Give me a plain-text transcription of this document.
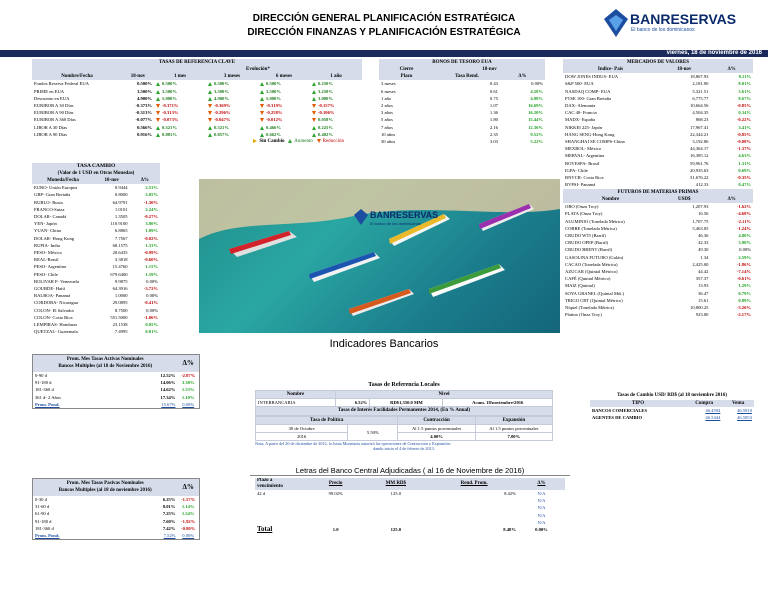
DIRECCIÓN GENERAL PLANIFICACIÓN ESTRATÉGICA
DIRECCIÓN FINANZAS Y PLANIFICACIÓN ESTRATÉGICA
BANRESERVAS
El banco de los dominicanos
viernes, 18 de noviembre de 2016
TASAS DE REFERENCIA CLAVE
		Evolución*			
Nombre/Fecha	18-nov	1 mes	3 meses	6 meses	1 año
Fondos Reserva Federal EUA	0.500%	0.500%	0.500%	0.500%	0.250%
PRIME en EUA	3.500%	3.500%	3.500%	3.500%	3.250%
Descuento en EUA	4.900%	5.000%	4.900%	5.000%	3.000%
EURIBOR A 30 Días	-0.373%	-0.371%	-0.369%	-0.319%	-0.157%
EURIBOR A 90 Días	-0.313%	-0.313%	-0.296%	-0.258%	-0.106%
EURIBOR A 360 Días	-0.077%	-0.073%	-0.047%	-0.012%	0.058%
LIBOR A 30 Días	0.566%	0.521%	0.521%	0.466%	0.225%
LIBOR A 90 Días	0.916%	0.881%	0.857%	0.662%	0.402%
Sin Cambio Aumento Reducción
BONOS DE TESORO EUA
Cierre	18-nov	
Plazo	Tasa Rend.	Δ%
3 meses	0.43	0.00%
6 meses	0.61	4.58%
1 año	0.75	4.98%
2 años	1.07	16.69%
3 años	1.36	16.20%
5 años	1.80	15.44%
7 años	2.16	12.36%
10 años	2.35	9.52%
30 años	3.03	5.22%
MERCADOS DE VALORES
Índice- País	18-nov	Δ%
DOW JONES INDUS- EUA	18,867.93	8.11%
S&P 500- EUA	2,181.90	8.01%
NASDAQ COMP- EUA	5,321.51	5.61%
FTSE 100- Gran Bretaña	6,775.77	8.67%
DAX- Alemania	10,664.56	-0.85%
CAC 40- Francia	4,504.35	0.34%
MADX- España	868.23	-0.22%
NIKKEI 225- Japón	17,967.41	3.41%
HANG SENG-Hong Kong	22,344.21	-0.85%
SHANGHAI SE COMPS-China	3,192.86	-0.08%
MEXBOL- México	44,364.17	-1.37%
MERVAL- Argentina	16,385.12	4.63%
BOVESPA- Brasil	59,961.76	1.31%
IGPA- Chile	20,935.63	0.69%
BNVCR- Costa Rica	31,676.22	-0.35%
BVPSI- Panamá	412.33	0.47%
TASA CAMBIO
(Valor de 1 USD en Otras Monedas)
Moneda/Fecha	18-nov	Δ%
EURO- Unión Europea	0.9444	2.53%
GBP- Gran Bretaña	0.8000	2.05%
RUBLO- Rusia	64.9791	-1.30%
FRANCO-Suiza	1.0101	2.24%
DOLAR- Canadá	1.3505	-0.27%
YEN- Japón	110.9100	3.90%
YUAN- China	6.8865	1.09%
DOLAR- Hong Kong	7.7567	-0.02%
RUPIA- India	68.1575	1.33%
PESO- México	20.6435	-0.99%
REAL-Brasil	3.3818	-0.60%
PESO- Argentina	15.4760	1.15%
PESO- Chile	679.6400	1.59%
BOLIVAR F- Venezuela	9.9875	0.00%
GOURDE- Haití	64.3916	-3.72%
BALBOA- Panamá	1.0000	0.00%
CORDOBA- Nicaragua	29.0895	-0.41%
COLON- El Salvador	8.7500	0.00%
COLON- Costa Rica	551.5000	-1.06%
LEMPIRAS- Honduras	23.1538	0.05%
QUETZAL- Guatemala	7.4995	0.01%
BANRESERVAS
El banco de los dominicanos
FUTUROS DE MATERIAS PRIMAS
Nombre	USD$	Δ%
ORO (Onza Troy)	1,207.93	-1.62%
PLATA (Onza Troy)	16.56	-4.68%
ALUMINIO (Tonelada Métrica)	1,707.75	-2.11%
COBRE (Tonelada Métrica)	5,463.05	-1.24%
CRUDO WTI (Barril)	46.36	4.80%
CRUDO OPEP (Barril)	42.33	3.90%
CRUDO BRENT (Barril)	49.30	0.00%
GASOLINA FUTURO (Galón)	1.34	2.59%
CACAO (Tonelada Métrica)	2,425.00	-1.86%
AZUCAR (Quintal Métrico)	44.42	-7.14%
CAFÉ (Quintal Métrico)	357.37	-0.61%
MAIZ (Quintal)	13.93	1.29%
SOYA GRANEL (Quintal Mét.)	36.47	0.79%
TRIGO CBT (Quintal Métrico)	15.61	0.89%
Níquel (Tonelada Métrica)	10,800.25	-3.26%
Platino (Onza Troy)	923.00	-2.17%
Indicadores Bancarios
Prom. Mes Tasas Activas Nominales		Δ%
Bancos Multiples (al 18 de Noviembre 2016)		
0-90 d	12.52%	-2.87%
91-180 d	14.06%	3.30%
181-360 d	14.62%	1.53%
361 d- 2 Años	17.34%	1.10%
Prom. Pond.	15.67%	0.00%
Tasas de Referencia Locales
Nombre	Nivel		
INTERBANCARIA	6.52%	RD$1,350.0 MM	Acum. 18/noviembre/2016
Tasas de Interés Facilidades Permanentes 2014, (En % Anual)			
Tasa de Política		Contracción	Expansión
30 de Octubre	5.50%	Al 1.5 puntos porcentuales	Al 1.5 puntos porcentuales
2016		4.00%	7.00%
Nota: A partir del 20 de diciembre de 2012, la Junta Monetaria autorizó las operaciones de Contracción y Expansión,
dando inicio el 4 de febrero de 2013.
Tasas de Cambio USD/ RD$ (al 18 noviembre 2016)
TIPO	Compra	Venta
BANCOS COMERCIALES	46.4594	46.5810
AGENTES DE CAMBIO	46.5444	46.5853
Letras del Banco Central Adjudicadas ( al 16 de Noviembre de 2016)
Prom. Mes Tasas Pasivas Nominales		Δ%
Bancos Multiples (al 18 de noviembre 2016)		
0-30 d	6.25%	-1.57%
31-60 d	8.01%	1.14%
61-90 d	7.25%	1.54%
91-180 d	7.60%	-1.92%
181-360 d	7.42%	-0.80%
Prom. Pond.	7.52%	0.00%
Plazo a
vencimiento	Precio	MM RD$	Rend. Prom.	Δ%
42 d	99.02%	125.0	8.42%	N/A
				N/A
				N/A
				N/A
				N/A
Total	1.0	125.0	8.48%	0.00%
